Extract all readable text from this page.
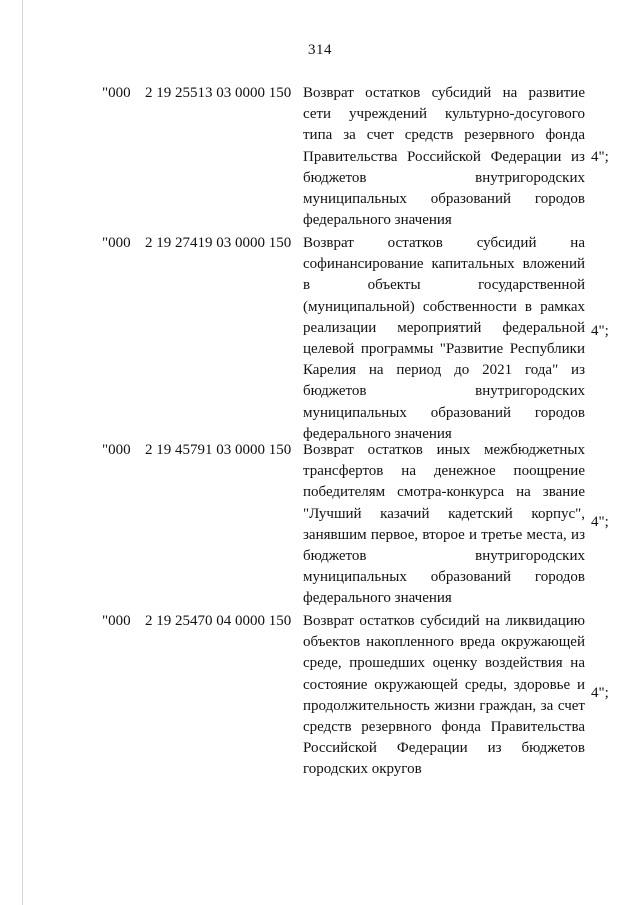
314
"000 2 19 25513 03 0000 150 Возврат остатков субсидий на развитие сети учреждений культурно-досугового типа за счет средств резервного фонда Правительства Российской Федерации из бюджетов внутригородских муниципальных образований городов федерального значения
4";
"000 2 19 27419 03 0000 150 Возврат остатков субсидий на софинансирование капитальных вложений в объекты государственной (муниципальной) собственности в рамках реализации мероприятий федеральной целевой программы "Развитие Республики Карелия на период до 2021 года" из бюджетов внутригородских муниципальных образований городов федерального значения
4";
"000 2 19 45791 03 0000 150 Возврат остатков иных межбюджетных трансфертов на денежное поощрение победителям смотра-конкурса на звание "Лучший казачий кадетский корпус", занявшим первое, второе и третье места, из бюджетов внутригородских муниципальных образований городов федерального значения
4";
"000 2 19 25470 04 0000 150 Возврат остатков субсидий на ликвидацию объектов накопленного вреда окружающей среде, прошедших оценку воздействия на состояние окружающей среды, здоровье и продолжительность жизни граждан, за счет средств резервного фонда Правительства Российской Федерации из бюджетов городских округов
4";
